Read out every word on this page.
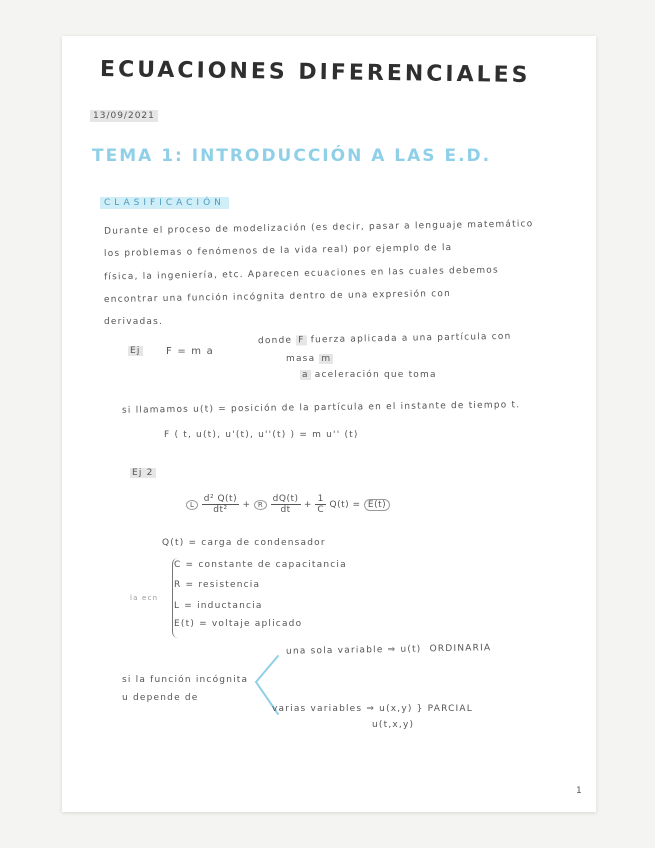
ECUACIONES DIFERENCIALES
13/09/2021
TEMA 1: INTRODUCCIÓN A LAS E.D.
CLASIFICACIÓN
Durante el proceso de modelización (es decir, pasar a lenguaje matemático
los problemas o fenómenos de la vida real) por ejemplo de la
física, la ingeniería, etc. Aparecen ecuaciones en las cuales debemos
encontrar una función incógnita dentro de una expresión con
derivadas.
Ej	F = m a
donde F fuerza aplicada a una partícula con
masa m
a aceleración que toma
si llamamos u(t) = posición de la partícula en el instante de tiempo t.
F ( t, u(t), u'(t), u''(t) ) = m u'' (t)
Ej 2
L $\frac{\text{d² Q(t)}}{\text{dt²}} + R \frac{dQ(t)}{dt} + \frac{1}{C} Q(t) = E(t)$
Q(t) = carga de condensador
la ecn
C = constante de capacitancia
R = resistencia
L = inductancia
E(t) = voltaje aplicado
si la función incógnita
u depende de
una sola variable ⇒ u(t) ORDINARIA
varias variables ⇒ u(x,y) } PARCIAL
u(t,x,y)
1
